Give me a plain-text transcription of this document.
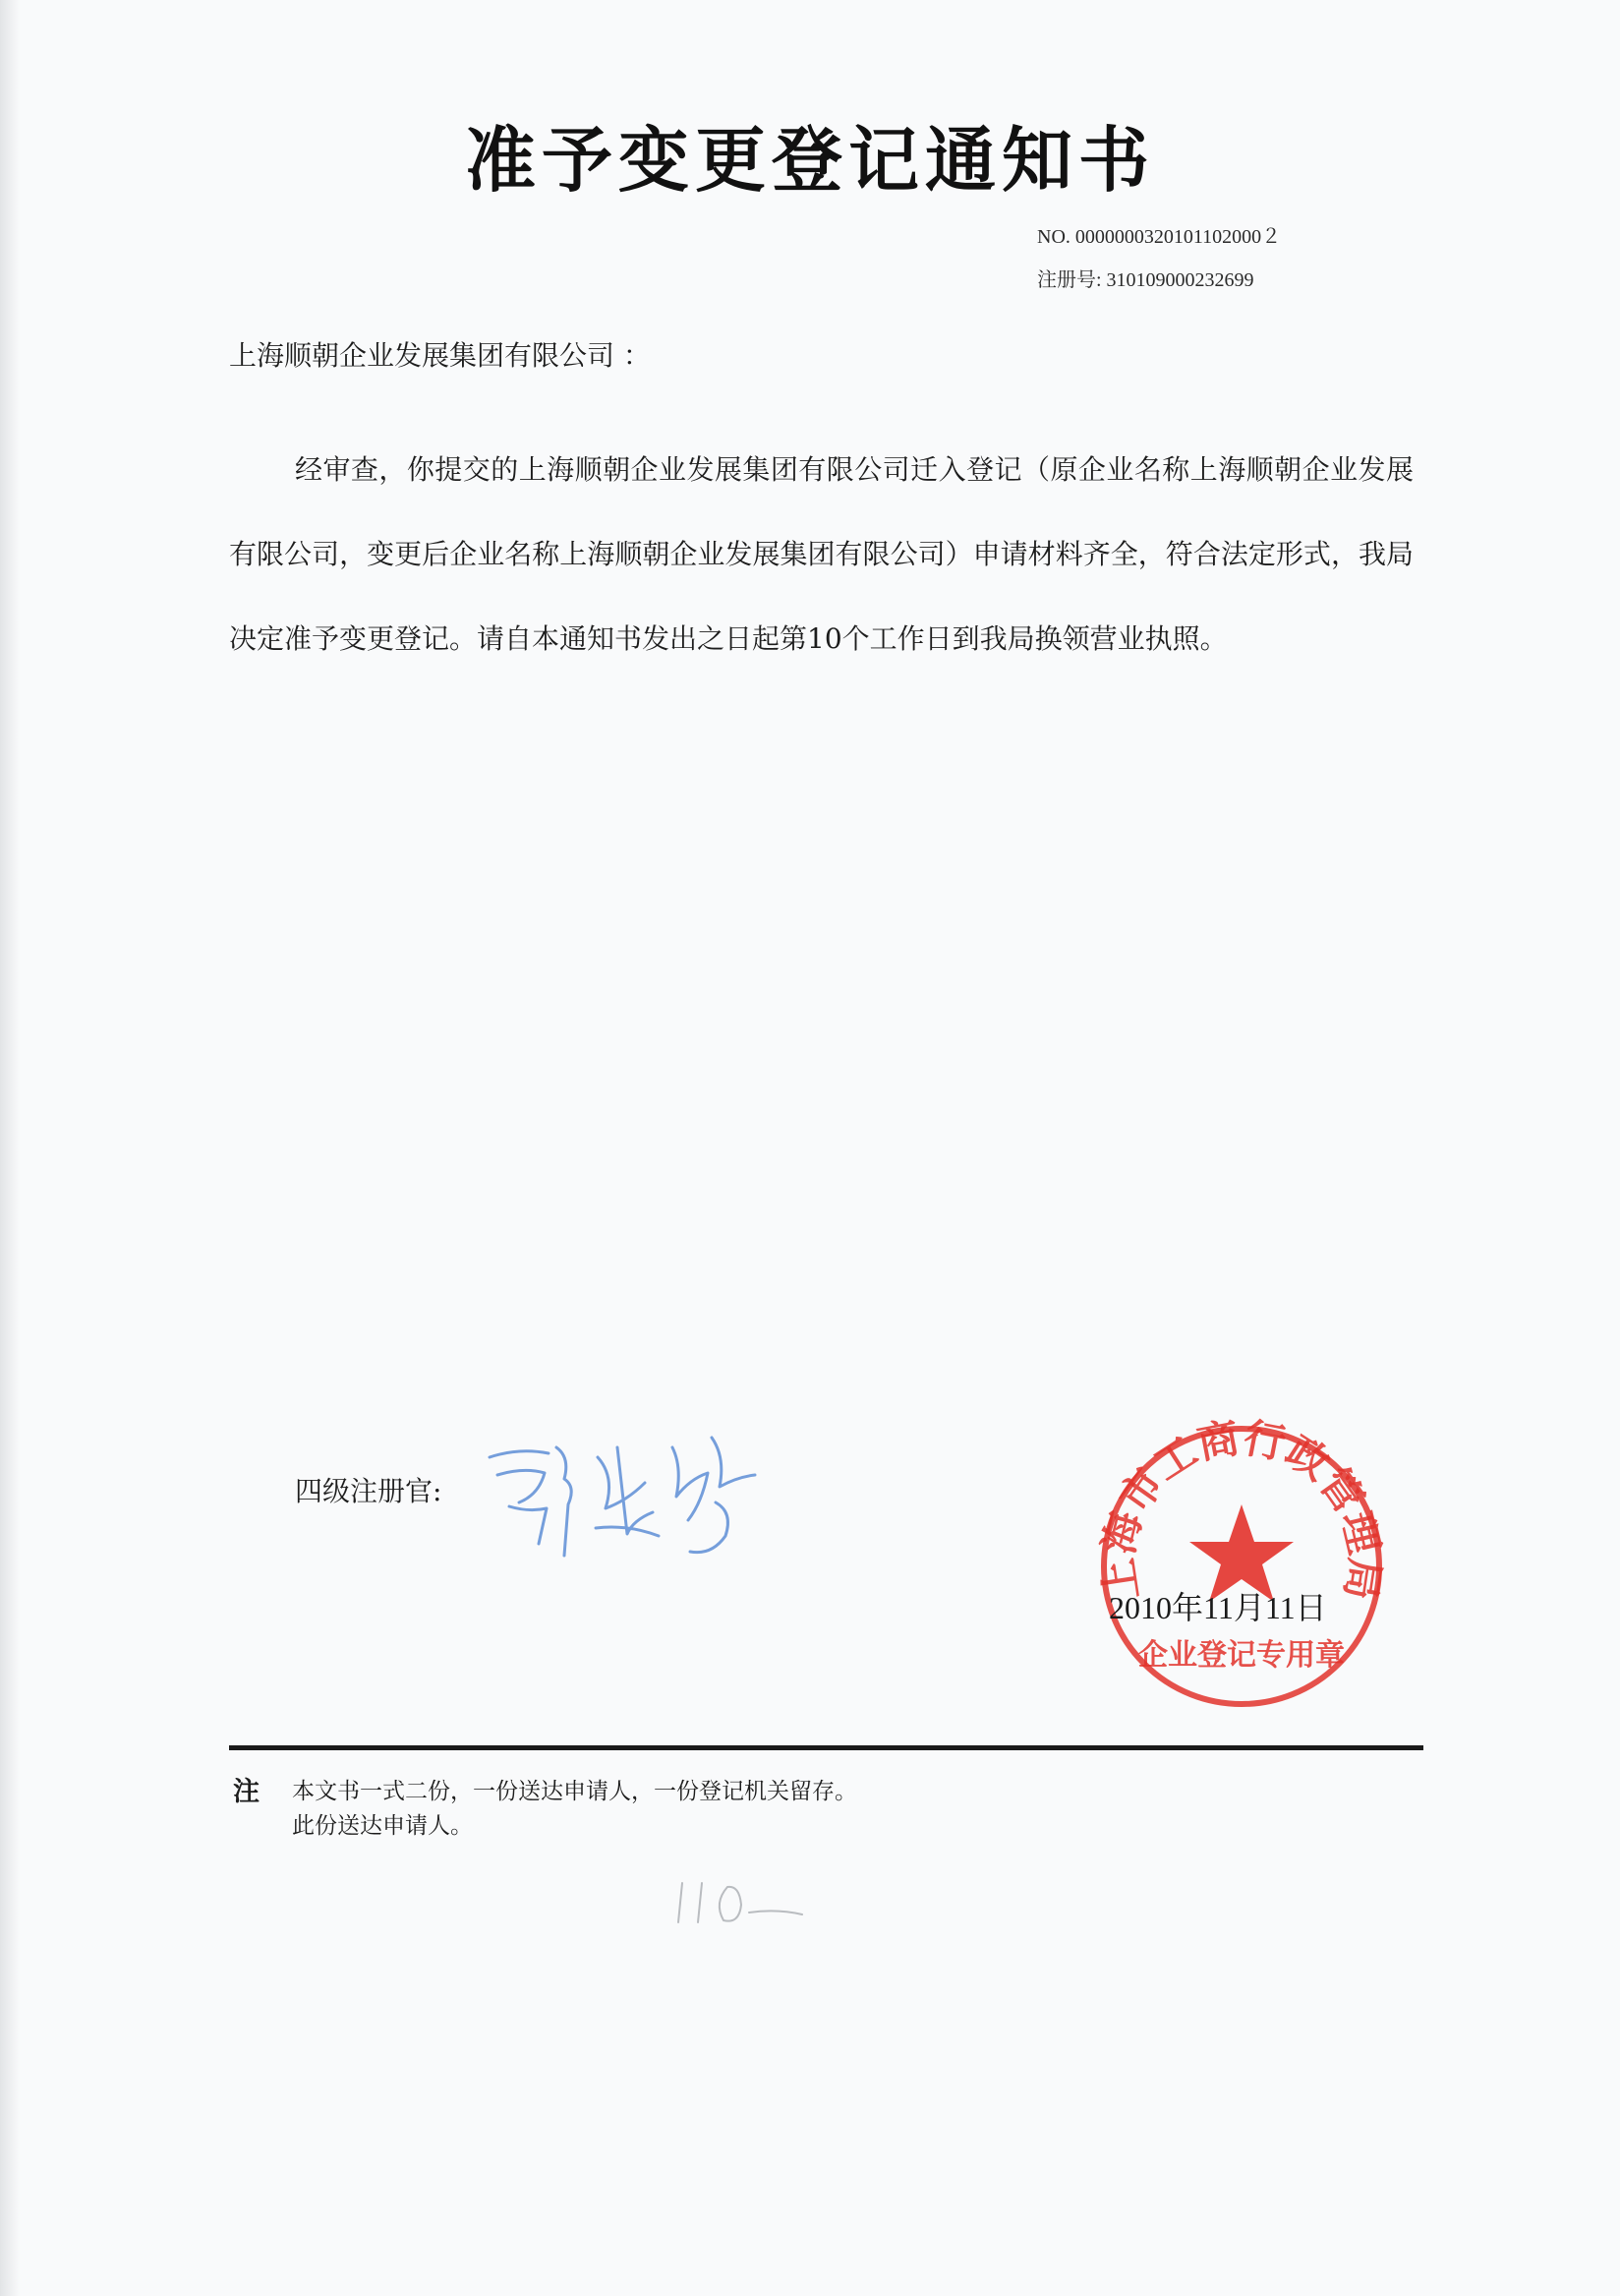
准予变更登记通知书
NO. 0000000320101102000２
注册号: 310109000232699
上海顺朝企业发展集团有限公司 ：
经审查，你提交的上海顺朝企业发展集团有限公司迁入登记（原企业名称上海顺朝企业发展有限公司，变更后企业名称上海顺朝企业发展集团有限公司）申请材料齐全，符合法定形式，我局决定准予变更登记。请自本通知书发出之日起第10个工作日到我局换领营业执照。
四级注册官:
上海市工商行政管理局
企业登记专用章
2010年11月11日
注 本文书一式二份，一份送达申请人，一份登记机关留存。
此份送达申请人。
